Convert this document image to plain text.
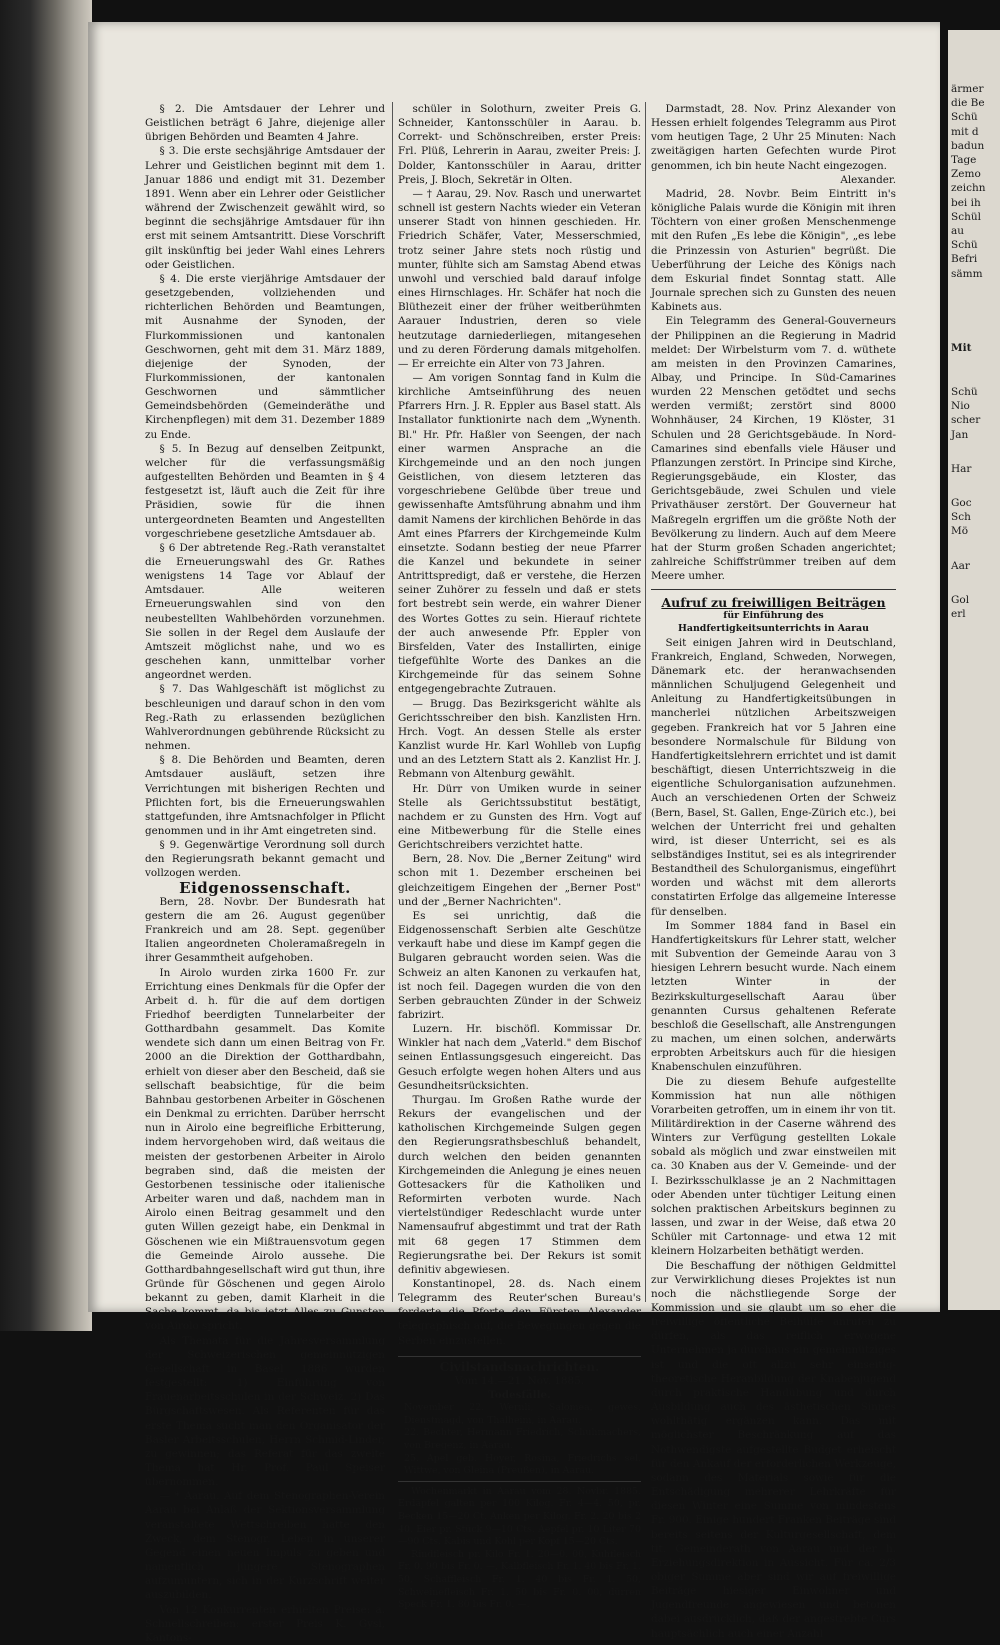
§ 2. Die Amtsdauer der Lehrer und Geistlichen beträgt 6 Jahre, diejenige aller übrigen Behörden und Beamten 4 Jahre.

§ 3. Die erste sechsjährige Amtsdauer der Lehrer und Geistlichen beginnt mit dem 1. Januar 1886 und endigt mit 31. Dezember 1891. Wenn aber ein Lehrer oder Geistlicher während der Zwischenzeit gewählt wird, so beginnt die sechsjährige Amtsdauer für ihn erst mit seinem Amtsantritt. Diese Vorschrift gilt inskünftig bei jeder Wahl eines Lehrers oder Geistlichen.

§ 4. Die erste vierjährige Amtsdauer der gesetzgebenden, vollziehenden und richterlichen Behörden und Beamtungen, mit Ausnahme der Synoden, der Flurkommissionen und kantonalen Geschwornen, geht mit dem 31. März 1889, diejenige der Synoden, der Flurkommissionen, der kantonalen Geschwornen und sämmtlicher Gemeindsbehörden (Gemeinderäthe und Kirchenpflegen) mit dem 31. Dezember 1889 zu Ende.

§ 5. In Bezug auf denselben Zeitpunkt, welcher für die verfassungsmäßig aufgestellten Behörden und Beamten in § 4 festgesetzt ist, läuft auch die Zeit für ihre Präsidien, sowie für die ihnen untergeordneten Beamten und Angestellten vorgeschriebene gesetzliche Amtsdauer ab.

§ 6 Der abtretende Reg.-Rath veranstaltet die Erneuerungswahl des Gr. Rathes wenigstens 14 Tage vor Ablauf der Amtsdauer. Alle weiteren Erneuerungswahlen sind von den neubestellten Wahlbehörden vorzunehmen. Sie sollen in der Regel dem Auslaufe der Amtszeit möglichst nahe, und wo es geschehen kann, unmittelbar vorher angeordnet werden.

§ 7. Das Wahlgeschäft ist möglichst zu beschleunigen und darauf schon in den vom Reg.-Rath zu erlassenden bezüglichen Wahlverordnungen gebührende Rücksicht zu nehmen.

§ 8. Die Behörden und Beamten, deren Amtsdauer ausläuft, setzen ihre Verrichtungen mit bisherigen Rechten und Pflichten fort, bis die Erneuerungswahlen stattgefunden, ihre Amtsnachfolger in Pflicht genommen und in ihr Amt eingetreten sind.

§ 9. Gegenwärtige Verordnung soll durch den Regierungsrath bekannt gemacht und vollzogen werden.

Eidgenossenschaft.

Bern, 28. Novbr. Der Bundesrath hat gestern die am 26. August gegenüber Frankreich und am 28. Sept. gegenüber Italien angeordneten Choleramaßregeln in ihrer Gesammtheit aufgehoben.

In Airolo wurden zirka 1600 Fr. zur Errichtung eines Denkmals für die Opfer der Arbeit d. h. für die auf dem dortigen Friedhof beerdigten Tunnelarbeiter der Gotthardbahn gesammelt. Das Komite wendete sich dann um einen Beitrag von Fr. 2000 an die Direktion der Gotthardbahn, erhielt von dieser aber den Bescheid, daß sie sellschaft beabsichtige, für die beim Bahnbau gestorbenen Arbeiter in Göschenen ein Denkmal zu errichten. Darüber herrscht nun in Airolo eine begreifliche Erbitterung, indem hervorgehoben wird, daß weitaus die meisten der gestorbenen Arbeiter in Airolo begraben sind, daß die meisten der Gestorbenen tessinische oder italienische Arbeiter waren und daß, nachdem man in Airolo einen Beitrag gesammelt und den guten Willen gezeigt habe, ein Denkmal in Göschenen wie ein Mißtrauensvotum gegen die Gemeinde Airolo aussehe. Die Gotthardbahngesellschaft wird gut thun, ihre Gründe für Göschenen und gegen Airolo bekannt zu geben, damit Klarheit in die Sache kommt, da bis jetzt Alles zu Gunsten von Airolo spricht.

Als Themata für die Jahresversammlung der Schweizerischen gemeinnützigen Gesellschaft in Basel 1886 wurden festgestellt: 1) Einführung von Frauenarbeitsschulen in der Schweiz. 2) Das Bürgschaftswesen. Als Referenten für das erste Thema sucht man den Organisator der Basler Arbeitsschulen, Herrn Schmid-Linder, zu gewinnen; das Referat für das zweite Thema hat Hr. Prof. Paul Speiser übernommen.

— * Aarau. Auf dem Stenographen-Verein Aarau bei Anlaß der Sektionsversammlung veranstaltete Wettschreiben hatte den Zweck, dem Stenogr. Leben in unserer Gegend einen neuen Impuls zu geben und namentlich jüngere Stenographen aufzumuntern, sich in der Kurzschrift weiter auszubilden.

Von 12 Konkurrenten erhielten Preise: a. Schnellschreiben: erster Preis K. Gysi, Kantons-

schüler in Solothurn, zweiter Preis G. Schneider, Kantonsschüler in Aarau. b. Correkt- und Schönschreiben, erster Preis: Frl. Plüß, Lehrerin in Aarau, zweiter Preis: J. Dolder, Kantonsschüler in Aarau, dritter Preis, J. Bloch, Sekretär in Olten.

— † Aarau, 29. Nov. Rasch und unerwartet schnell ist gestern Nachts wieder ein Veteran unserer Stadt von hinnen geschieden. Hr. Friedrich Schäfer, Vater, Messerschmied, trotz seiner Jahre stets noch rüstig und munter, fühlte sich am Samstag Abend etwas unwohl und verschied bald darauf infolge eines Hirnschlages. Hr. Schäfer hat noch die Blüthezeit einer der früher weitberühmten Aarauer Industrien, deren so viele heutzutage darniederliegen, mitangesehen und zu deren Förderung damals mitgeholfen. — Er erreichte ein Alter von 73 Jahren.

— Am vorigen Sonntag fand in Kulm die kirchliche Amtseinführung des neuen Pfarrers Hrn. J. R. Eppler aus Basel statt. Als Installator funktionirte nach dem „Wynenth. Bl." Hr. Pfr. Haßler von Seengen, der nach einer warmen Ansprache an die Kirchgemeinde und an den noch jungen Geistlichen, von diesem letzteren das vorgeschriebene Gelübde über treue und gewissenhafte Amtsführung abnahm und ihm damit Namens der kirchlichen Behörde in das Amt eines Pfarrers der Kirchgemeinde Kulm einsetzte. Sodann bestieg der neue Pfarrer die Kanzel und bekundete in seiner Antrittspredigt, daß er verstehe, die Herzen seiner Zuhörer zu fesseln und daß er stets fort bestrebt sein werde, ein wahrer Diener des Wortes Gottes zu sein. Hierauf richtete der auch anwesende Pfr. Eppler von Birsfelden, Vater des Installirten, einige tiefgefühlte Worte des Dankes an die Kirchgemeinde für das seinem Sohne entgegengebrachte Zutrauen.

— Brugg. Das Bezirksgericht wählte als Gerichtsschreiber den bish. Kanzlisten Hrn. Hrch. Vogt. An dessen Stelle als erster Kanzlist wurde Hr. Karl Wohlleb von Lupfig und an des Letztern Statt als 2. Kanzlist Hr. J. Rebmann von Altenburg gewählt.

Hr. Dürr von Umiken wurde in seiner Stelle als Gerichtssubstitut bestätigt, nachdem er zu Gunsten des Hrn. Vogt auf eine Mitbewerbung für die Stelle eines Gerichtschreibers verzichtet hatte.

Bern, 28. Nov. Die „Berner Zeitung" wird schon mit 1. Dezember erscheinen bei gleichzeitigem Eingehen der „Berner Post" und der „Berner Nachrichten".

Es sei unrichtig, daß die Eidgenossenschaft Serbien alte Geschütze verkauft habe und diese im Kampf gegen die Bulgaren gebraucht worden seien. Was die Schweiz an alten Kanonen zu verkaufen hat, ist noch feil. Dagegen wurden die von den Serben gebrauchten Zünder in der Schweiz fabrizirt.

Luzern. Hr. bischöfl. Kommissar Dr. Winkler hat nach dem „Vaterld." dem Bischof seinen Entlassungsgesuch eingereicht. Das Gesuch erfolgte wegen hohen Alters und aus Gesundheitsrücksichten.

Thurgau. Im Großen Rathe wurde der Rekurs der evangelischen und der katholischen Kirchgemeinde Sulgen gegen den Regierungsrathsbeschluß behandelt, durch welchen den beiden genannten Kirchgemeinden die Anlegung je eines neuen Gottesackers für die Katholiken und Reformirten verboten wurde. Nach viertelstündiger Redeschlacht wurde unter Namensaufruf abgestimmt und trat der Rath mit 68 gegen 17 Stimmen dem Regierungsrathe bei. Der Rekurs ist somit definitiv abgewiesen.

Konstantinopel, 28. ds. Nach einem Telegramm des Reuter'schen Bureau's forderte die Pforte den Fürsten Alexander telegraphisch auf, die Bewegungen gegen die Serben einzustellen.

Civilstandsnachrichten.

Vom 14.—21. Nov. 1885.

Todesfälle.

November 22. Wernli, Salomea, gewes. Dienstmagd, von Thalheim, in Aarau.

22. Bechter, Hermann Friedrich, Schuhmachers, von Bregenz, in Aarau.

25. Apel geb. Hoyer, Rosina, Friedrichs sel. Wittwe, von Gleina (Preußen), in Aarau.

Wochenmarkt in Aarau vom 28. Novbr. 1885. Erdäpfel galten per 100 Kilog. Fr. 4—4. 50, pr. Becken 15—20 Ct. Anken per Kilog. Fr. 2. 20 bis 2 40. Eier pr. Stück 9—10 Cts. Aepfel pr. 10 Liter 70—90 Cts. Kabis und Kohl per Kopf 15—20 Cts.

Rindfleisch pr. Kilo Fr. 1. 20—0. 00, Kuhfleisch Fr. 0. 90 bis Fr. 0. —, Kalbfleisch Fr. 1. 40 bis Fr. 1. 50, Schaffleisch Fr. 1. 40 bis Fr. 1. 50, Schweinefleisch Fr. 1. 50 bis Fr. 0. 00, dürren Speck Fr. 1. 80 bis Fr. 0. —.

Darmstadt, 28. Nov. Prinz Alexander von Hessen erhielt folgendes Telegramm aus Pirot vom heutigen Tage, 2 Uhr 25 Minuten: Nach zweitägigen harten Gefechten wurde Pirot genommen, ich bin heute Nacht eingezogen.

Alexander.

Madrid, 28. Novbr. Beim Eintritt in's königliche Palais wurde die Königin mit ihren Töchtern von einer großen Menschenmenge mit den Rufen „Es lebe die Königin", „es lebe die Prinzessin von Asturien" begrüßt. Die Ueberführung der Leiche des Königs nach dem Eskurial findet Sonntag statt. Alle Journale sprechen sich zu Gunsten des neuen Kabinets aus.

Ein Telegramm des General-Gouverneurs der Philippinen an die Regierung in Madrid meldet: Der Wirbelsturm vom 7. d. wüthete am meisten in den Provinzen Camarines, Albay, und Principe. In Süd-Camarines wurden 22 Menschen getödtet und sechs werden vermißt; zerstört sind 8000 Wohnhäuser, 24 Kirchen, 19 Klöster, 31 Schulen und 28 Gerichtsgebäude. In Nord-Camarines sind ebenfalls viele Häuser und Pflanzungen zerstört. In Principe sind Kirche, Regierungsgebäude, ein Kloster, das Gerichtsgebäude, zwei Schulen und viele Privathäuser zerstört. Der Gouverneur hat Maßregeln ergriffen um die größte Noth der Bevölkerung zu lindern. Auch auf dem Meere hat der Sturm großen Schaden angerichtet; zahlreiche Schiffstrümmer treiben auf dem Meere umher.

Aufruf zu freiwilligen Beiträgen

für Einführung des Handfertigkeitsunterrichts in Aarau

Seit einigen Jahren wird in Deutschland, Frankreich, England, Schweden, Norwegen, Dänemark etc. der heranwachsenden männlichen Schuljugend Gelegenheit und Anleitung zu Handfertigkeitsübungen in mancherlei nützlichen Arbeitszweigen gegeben. Frankreich hat vor 5 Jahren eine besondere Normalschule für Bildung von Handfertigkeitslehrern errichtet und ist damit beschäftigt, diesen Unterrichtszweig in die eigentliche Schulorganisation aufzunehmen. Auch an verschiedenen Orten der Schweiz (Bern, Basel, St. Gallen, Enge-Zürich etc.), bei welchen der Unterricht frei und gehalten wird, ist dieser Unterricht, sei es als selbständiges Institut, sei es als integrirender Bestandtheil des Schulorganismus, eingeführt worden und wächst mit dem allerorts constatirten Erfolge das allgemeine Interesse für denselben.

Im Sommer 1884 fand in Basel ein Handfertigkeitskurs für Lehrer statt, welcher mit Subvention der Gemeinde Aarau von 3 hiesigen Lehrern besucht wurde. Nach einem letzten Winter in der Bezirkskulturgesellschaft Aarau über genannten Cursus gehaltenen Referate beschloß die Gesellschaft, alle Anstrengungen zu machen, um einen solchen, anderwärts erprobten Arbeitskurs auch für die hiesigen Knabenschulen einzuführen.

Die zu diesem Behufe aufgestellte Kommission hat nun alle nöthigen Vorarbeiten getroffen, um in einem ihr von tit. Militärdirektion in der Caserne während des Winters zur Verfügung gestellten Lokale sobald als möglich und zwar einstweilen mit ca. 30 Knaben aus der V. Gemeinde- und der I. Bezirksschulklasse je an 2 Nachmittagen oder Abenden unter tüchtiger Leitung einen solchen praktischen Arbeitskurs beginnen zu lassen, und zwar in der Weise, daß etwa 20 Schüler mit Cartonnage- und etwa 12 mit kleinern Holzarbeiten bethätigt werden.

Die Beschaffung der nöthigen Geldmittel zur Verwirklichung dieses Projektes ist nun noch die nächstliegende Sorge der Kommission und sie glaubt um so eher die freiwillige öffentliche Beihülfe anrufen zu dürfen, als das reiflich erwogene Unternehmen ja durchaus ein gemeinnütziges ist und die oft allzu sehr einseitig-theoretische Heranbildung der Knabenjugend durch praktische Handübung und durch Ausbildung auch des ästhetischen Sinnes wohlthätig ergänzen kann. Das mit möglichster Beschränkung auf das Nothwendigste aufgestellte Budget erheischt für den Ankauf der erforderlichen Werkzeuge, sodann des Materials sowie für die Entschädigung mehrerer Lehrkräfte für diesen Winter eine Summe von mindestens Fr. 900. Einige hundert Franken Beiträge sind bereits seitens der Kulturgesellschaft, dem tit. Gemeinderath von Aarau und der h. Erziehungsdirektion in Aussicht. Für ca. 2/3 obiger Summe aber sind wir auf freiwillige Beiträge hiesiger Einwohner und Jugendfreunde angewiesen und betonen dabei ausdrücklich, daß der angestrebte Curs hauptsächlich auch einer Anzahl

ärmer
die Be
Schü
mit d
badun
Tage
Zemo
zeichn
bei ih
Schül
au
Schü
Befri
sämm
Mit
Schü
Nio
scher
Jan
Har
Goc
Sch
Mö
Aar
Gol
erl
